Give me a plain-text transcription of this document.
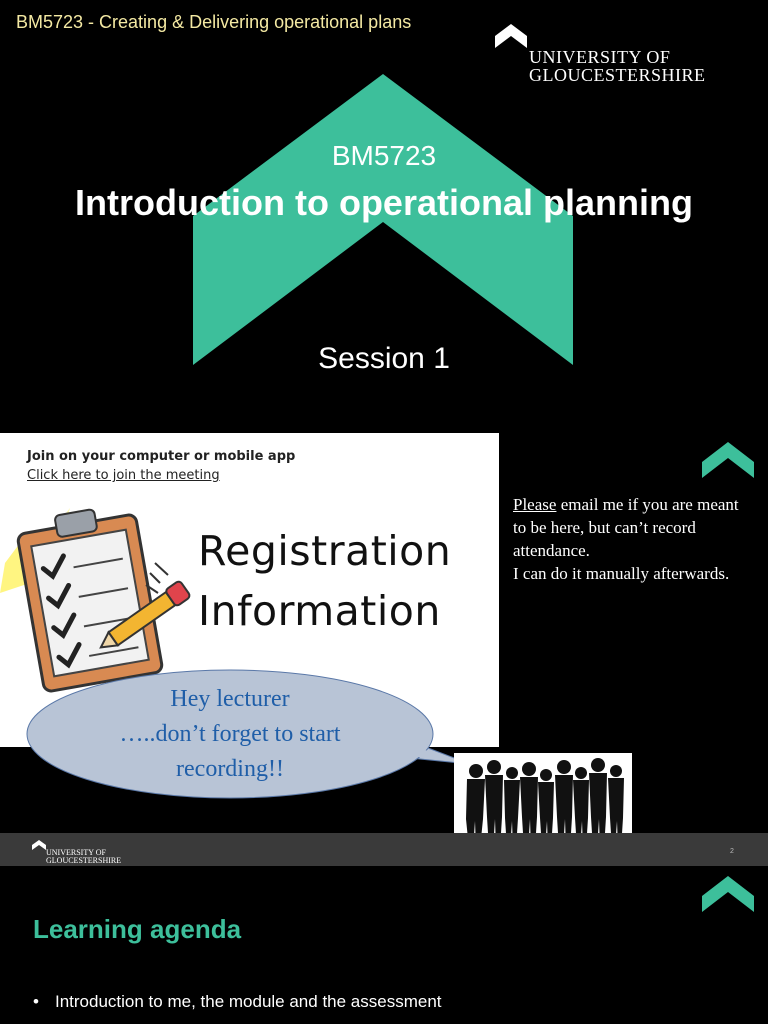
BM5723 - Creating & Delivering operational plans
UNIVERSITY OF
GLOUCESTERSHIRE
BM5723
Introduction to operational planning
Session 1
Join on your computer or mobile app
Click here to join the meeting
Registration
Information
Please email me if you are meant to be here, but can’t record attendance.
I can do it manually afterwards.
Hey lecturer
…..don’t forget to start
recording!!
UNIVERSITY OF
GLOUCESTERSHIRE
2
Learning agenda
• Introduction to me, the module and the assessment
